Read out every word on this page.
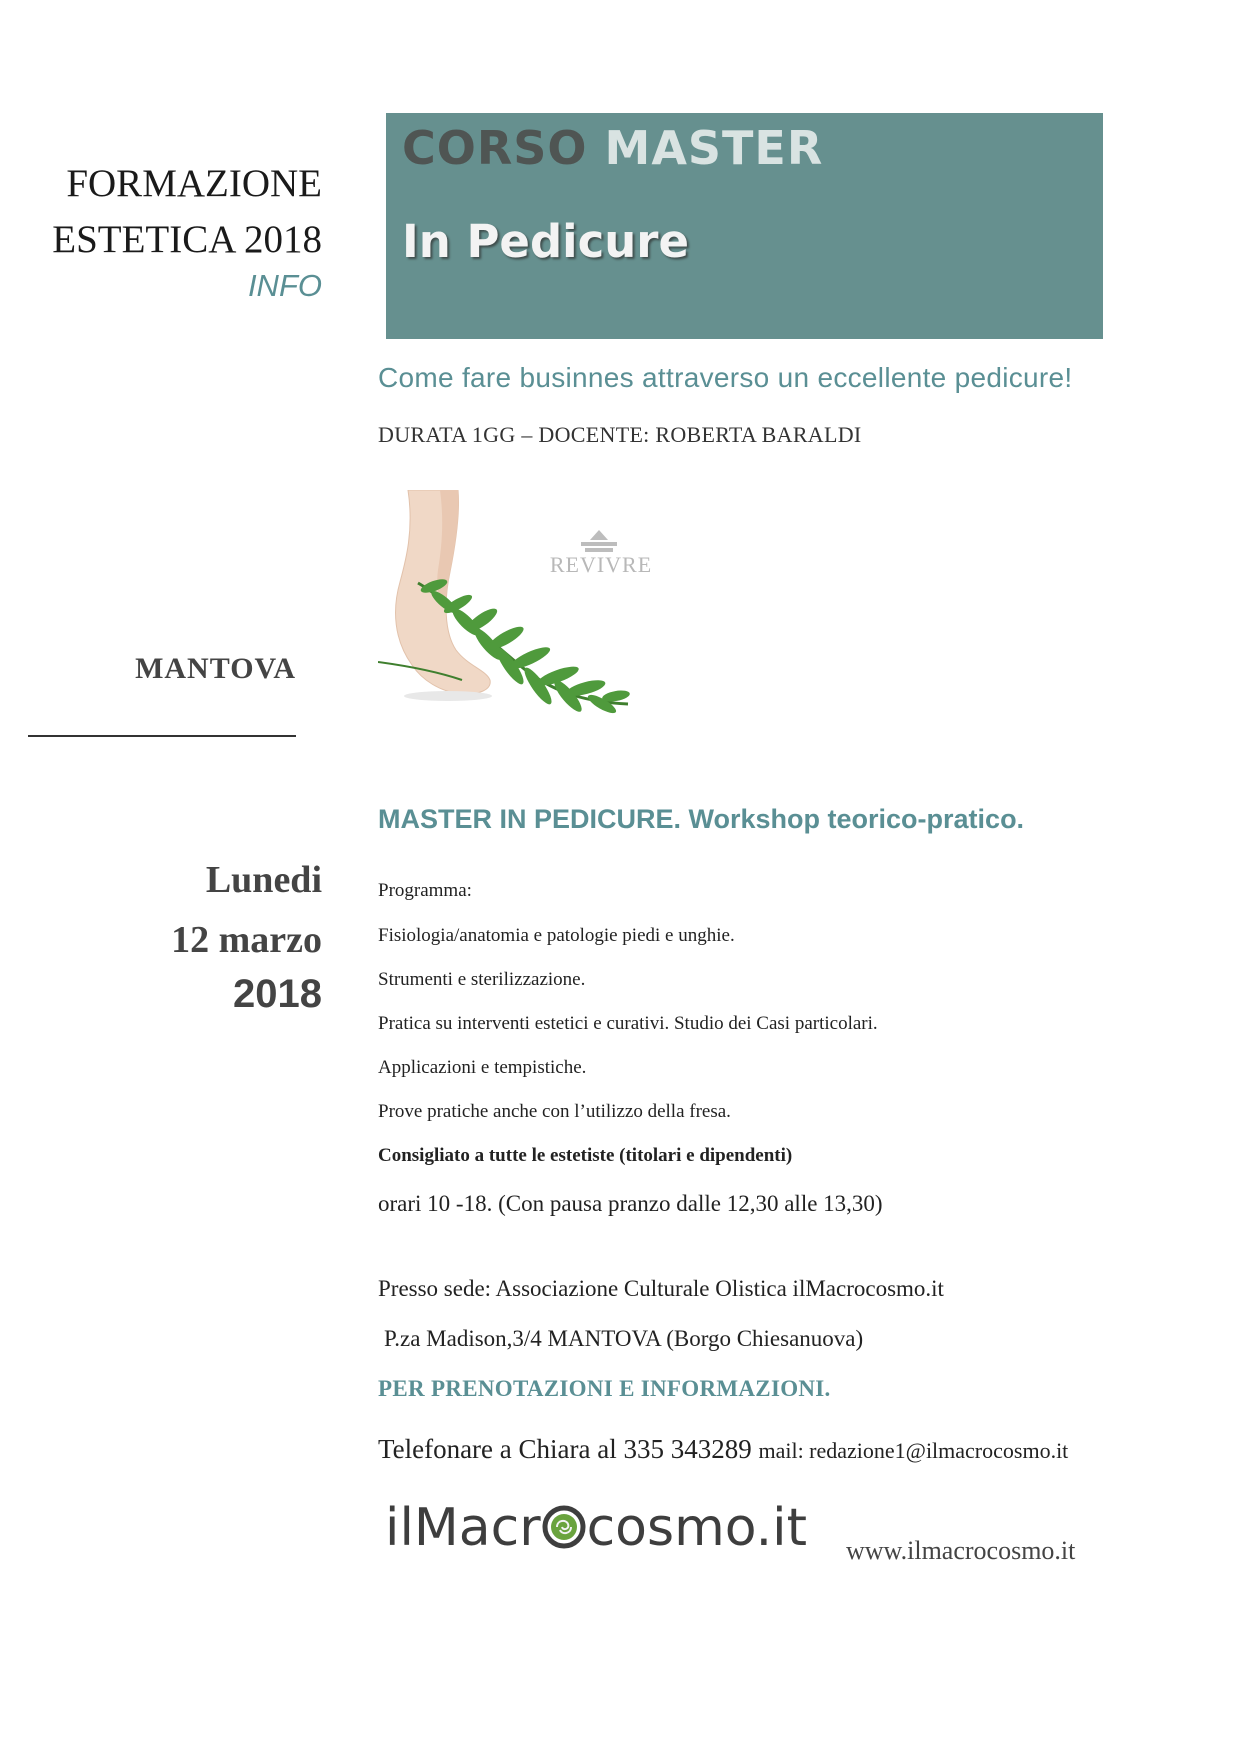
FORMAZIONE
ESTETICA 2018
INFO
MANTOVA
Lunedi
12 marzo
2018
CORSO MASTER
In Pedicure
Come fare businnes attraverso un eccellente pedicure!
DURATA 1GG – DOCENTE: ROBERTA BARALDI
REVIVRE
MASTER IN PEDICURE. Workshop teorico-pratico.
Programma:
Fisiologia/anatomia e patologie piedi e unghie.
Strumenti e sterilizzazione.
Pratica su interventi estetici e curativi. Studio dei Casi particolari.
Applicazioni e tempistiche.
Prove pratiche anche con l’utilizzo della fresa.
Consigliato a tutte le estetiste (titolari e dipendenti)
orari 10 -18. (Con pausa pranzo dalle 12,30 alle 13,30)
Presso sede: Associazione Culturale Olistica ilMacrocosmo.it
P.za Madison,3/4 MANTOVA (Borgo Chiesanuova)
PER PRENOTAZIONI E INFORMAZIONI.
Telefonare a Chiara al 335 343289 mail: redazione1@ilmacrocosmo.it
ilMacr cosmo.it www.ilmacrocosmo.it
